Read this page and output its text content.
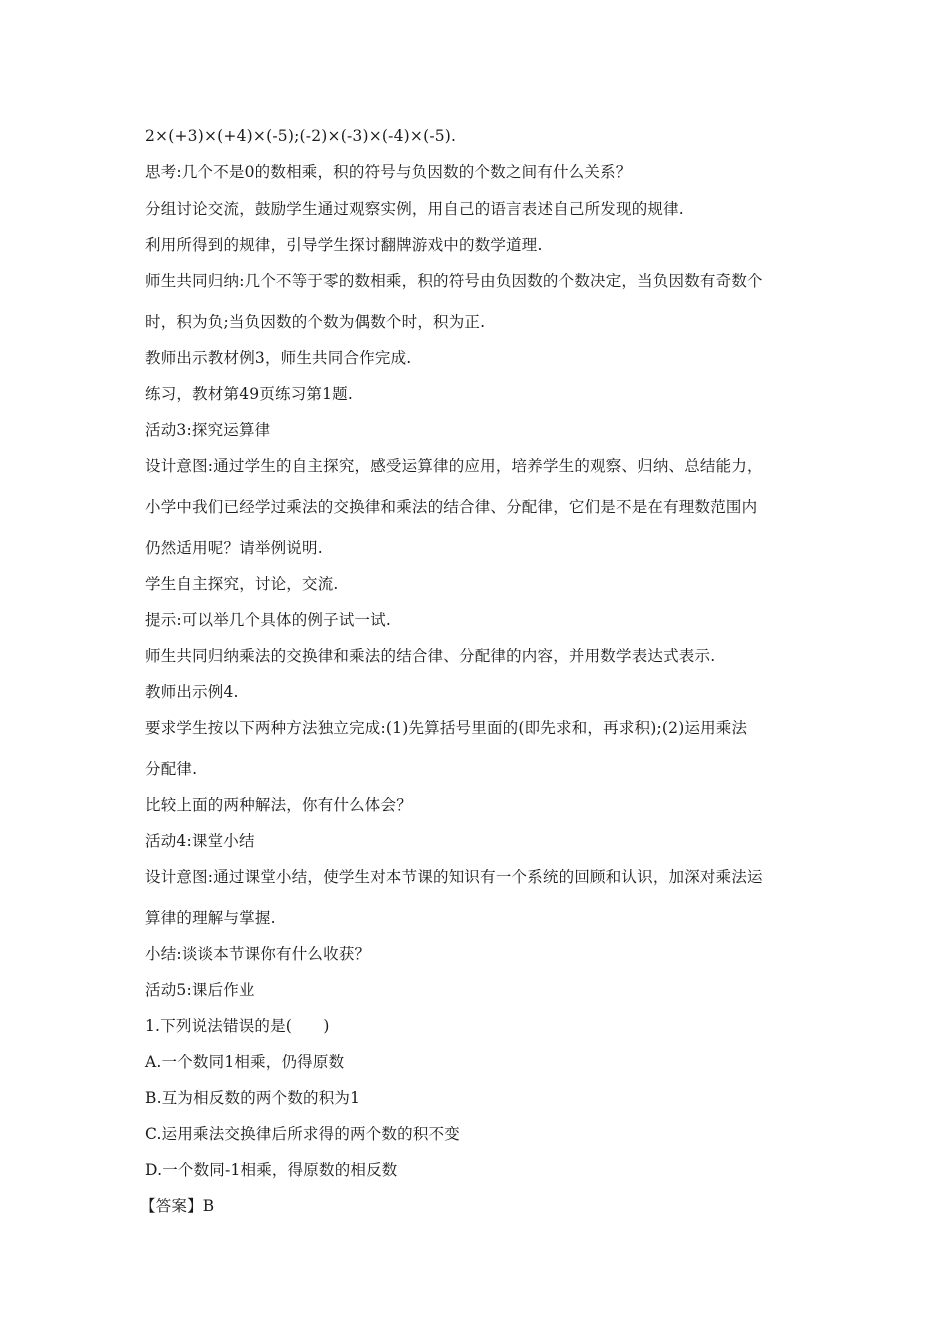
2×(+3)×(+4)×(-5);(-2)×(-3)×(-4)×(-5).
思考:几个不是0的数相乘，积的符号与负因数的个数之间有什么关系？
分组讨论交流，鼓励学生通过观察实例，用自己的语言表述自己所发现的规律.
利用所得到的规律，引导学生探讨翻牌游戏中的数学道理.
师生共同归纳:几个不等于零的数相乘，积的符号由负因数的个数决定，当负因数有奇数个
时，积为负;当负因数的个数为偶数个时，积为正.
教师出示教材例3，师生共同合作完成.
练习，教材第49页练习第1题.
活动3:探究运算律
设计意图:通过学生的自主探究，感受运算律的应用，培养学生的观察、归纳、总结能力，
小学中我们已经学过乘法的交换律和乘法的结合律、分配律，它们是不是在有理数范围内
仍然适用呢？请举例说明.
学生自主探究，讨论，交流.
提示:可以举几个具体的例子试一试.
师生共同归纳乘法的交换律和乘法的结合律、分配律的内容，并用数学表达式表示.
教师出示例4.
要求学生按以下两种方法独立完成:(1)先算括号里面的(即先求和，再求积);(2)运用乘法
分配律.
比较上面的两种解法，你有什么体会？
活动4:课堂小结
设计意图:通过课堂小结，使学生对本节课的知识有一个系统的回顾和认识，加深对乘法运
算律的理解与掌握.
小结:谈谈本节课你有什么收获？
活动5:课后作业
1.下列说法错误的是(　　)
A.一个数同1相乘，仍得原数
B.互为相反数的两个数的积为1
C.运用乘法交换律后所求得的两个数的积不变
D.一个数同-1相乘，得原数的相反数
【答案】B
